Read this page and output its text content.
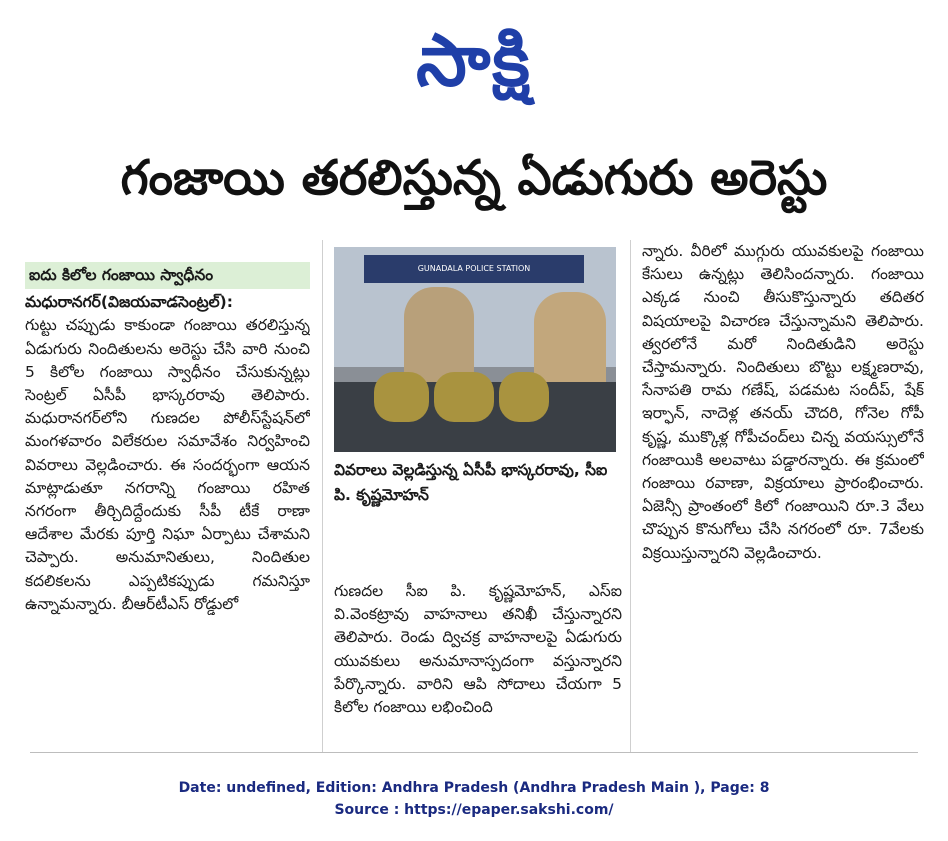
సాక్షి
గంజాయి తరలిస్తున్న ఏడుగురు అరెస్టు
ఐదు కిలోల గంజాయి స్వాధీనం
మధురానగర్(విజయవాడసెంట్రల్):
గుట్టు చప్పుడు కాకుండా గంజాయి తరలిస్తున్న ఏడుగురు నిందితులను అరెస్టు చేసి వారి నుంచి 5 కిలోల గంజాయి స్వాధీనం చేసుకున్నట్లు సెంట్రల్ ఏసీపీ భాస్కరరావు తెలిపారు. మధురానగర్‌లోని గుణదల పోలీస్‌స్టేషన్‌లో మంగళవారం విలేకరుల సమావేశం నిర్వహించి వివరాలు వెల్లడించారు. ఈ సందర్భంగా ఆయన మాట్లాడుతూ నగరాన్ని గంజాయి రహిత నగరంగా తీర్చిదిద్దేందుకు సీపీ టీకే రాణా ఆదేశాల మేరకు పూర్తి నిఘా ఏర్పాటు చేశామని చెప్పారు. అనుమానితులు, నిందితుల కదలికలను ఎప్పటికప్పుడు గమనిస్తూ ఉన్నామన్నారు. బీఆర్‌టీఎస్ రోడ్డులో
GUNADALA POLICE STATION
వివరాలు వెల్లడిస్తున్న ఏసీపీ భాస్కరరావు, సీఐ పి. కృష్ణమోహన్
గుణదల సీఐ పి. కృష్ణమోహన్, ఎస్ఐ వి.వెంకట్రావు వాహనాలు తనిఖీ చేస్తున్నారని తెలిపారు. రెండు ద్విచక్ర వాహనాలపై ఏడుగురు యువకులు అనుమానాస్పదంగా వస్తున్నారని పేర్కొన్నారు. వారిని ఆపి సోదాలు చేయగా 5 కిలోల గంజాయి లభించింది
న్నారు. వీరిలో ముగ్గురు యువకులపై గంజాయి కేసులు ఉన్నట్లు తెలిసిందన్నారు. గంజాయి ఎక్కడ నుంచి తీసుకొస్తున్నారు తదితర విషయాలపై విచారణ చేస్తున్నామని తెలిపారు. త్వరలోనే మరో నిందితుడిని అరెస్టు చేస్తామన్నారు. నిందితులు బొట్టు లక్ష్మణరావు, సేనాపతి రామ గణేష్, పడమట సందీప్, షేక్ ఇర్ఫాన్, నాదెళ్ల తనయ్ చౌదరి, గోనెల గోపీ కృష్ణ, ముక్కొళ్ల గోపీచంద్‌లు చిన్న వయస్సులోనే గంజాయికి అలవాటు పడ్డారన్నారు. ఈ క్రమంలో గంజాయి రవాణా, విక్రయాలు ప్రారంభించారు. ఏజెన్సీ ప్రాంతంలో కిలో గంజాయిని రూ.3 వేలు చొప్పున కొనుగోలు చేసి నగరంలో రూ. 7వేలకు విక్రయిస్తున్నారని వెల్లడించారు.
Date: undefined, Edition: Andhra Pradesh (Andhra Pradesh Main ), Page: 8
Source : https://epaper.sakshi.com/
